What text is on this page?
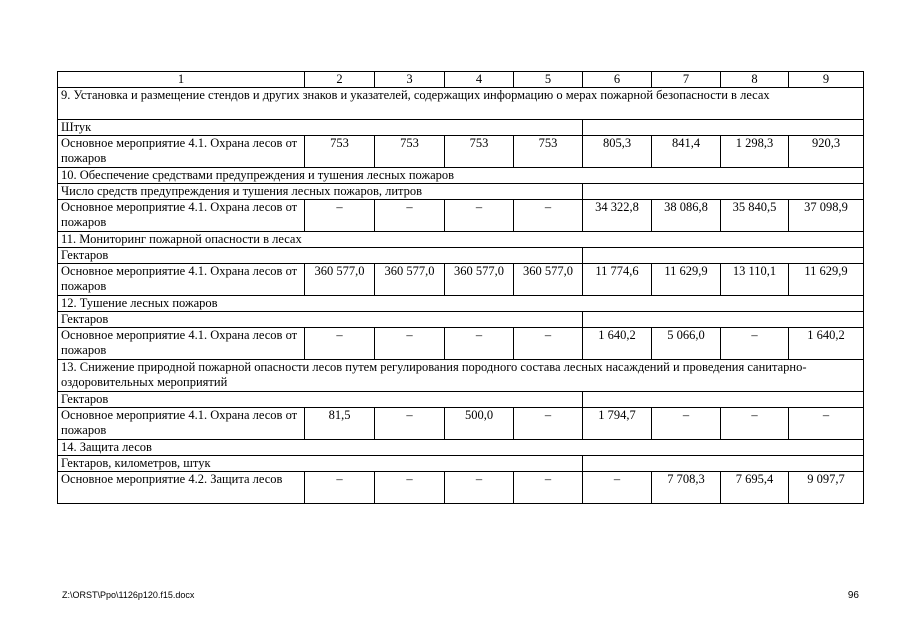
1	2	3	4	5	6	7	8	9
9. Установка и размещение стендов и других знаков и указателей, содержащих информацию о мерах пожарной безопасности в лесах								
Штук								
Основное мероприятие 4.1. Охрана лесов от пожаров	753	753	753	753	805,3	841,4	1 298,3	920,3
10. Обеспечение средствами предупреждения и тушения лесных пожаров								
Число средств предупреждения и тушения лесных пожаров, литров								
Основное мероприятие 4.1. Охрана лесов от пожаров	–	–	–	–	34 322,8	38 086,8	35 840,5	37 098,9
11. Мониторинг пожарной опасности в лесах								
Гектаров								
Основное мероприятие 4.1. Охрана лесов от пожаров	360 577,0	360 577,0	360 577,0	360 577,0	11 774,6	11 629,9	13 110,1	11 629,9
12. Тушение лесных пожаров								
Гектаров								
Основное мероприятие 4.1. Охрана лесов от пожаров	–	–	–	–	1 640,2	5 066,0	–	1 640,2
13. Снижение природной пожарной опасности лесов путем регулирования породного состава лесных насаждений и проведения санитарно-оздоровительных мероприятий								
Гектаров								
Основное мероприятие 4.1. Охрана лесов от пожаров	81,5	–	500,0	–	1 794,7	–	–	–
14. Защита лесов								
Гектаров, километров, штук								
Основное мероприятие 4.2. Защита лесов	–	–	–	–	–	7 708,3	7 695,4	9 097,7
Z:\ORST\Ppo\1126p120.f15.docx	96
